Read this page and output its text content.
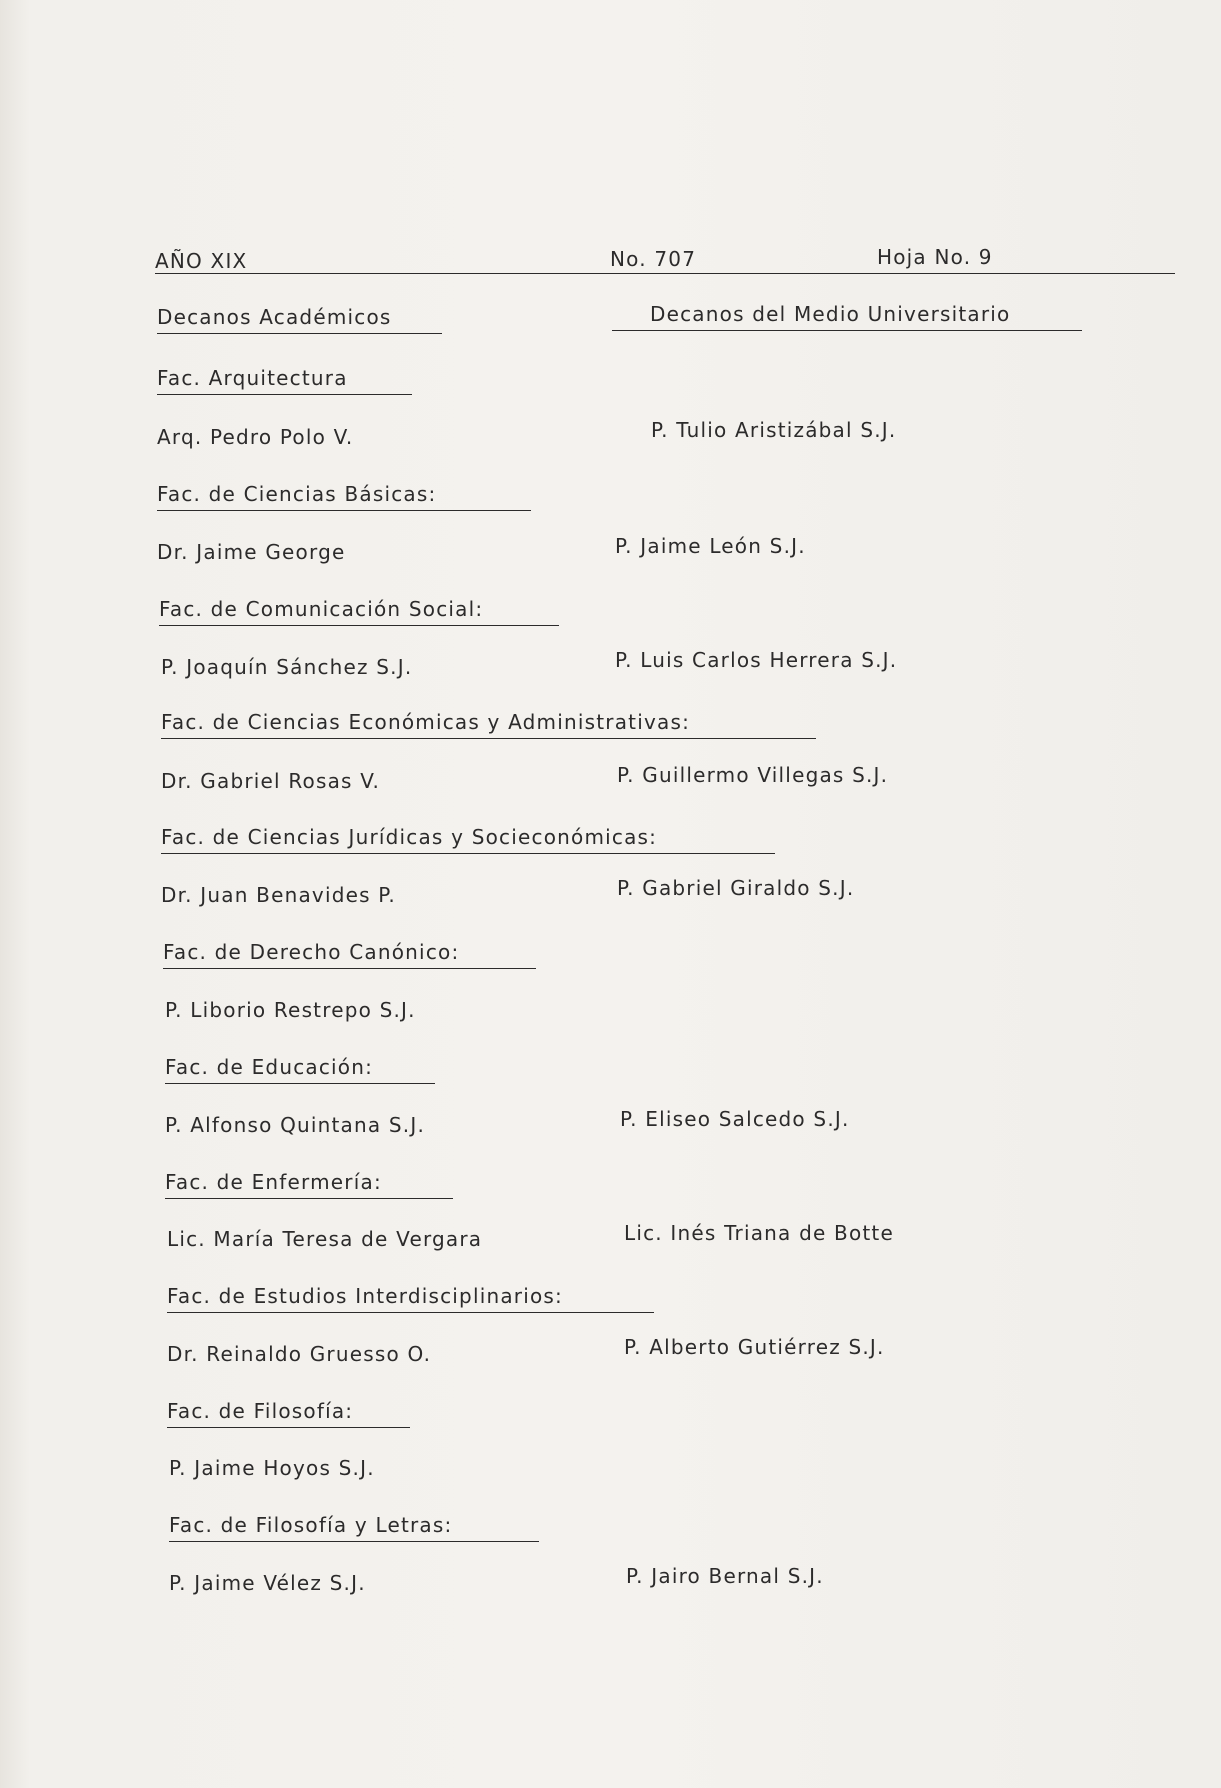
AÑO XIX	No. 707	Hoja No. 9
Decanos Académicos	Decanos del Medio Universitario
Fac. Arquitectura
Arq. Pedro Polo V.	P. Tulio Aristizábal S.J.
Fac. de Ciencias Básicas:
Dr. Jaime George	P. Jaime León S.J.
Fac. de Comunicación Social:
P. Joaquín Sánchez S.J.	P. Luis Carlos Herrera S.J.
Fac. de Ciencias Económicas y Administrativas:
Dr. Gabriel Rosas V.	P. Guillermo Villegas S.J.
Fac. de Ciencias Jurídicas y Socieconómicas:
Dr. Juan Benavides P.	P. Gabriel Giraldo S.J.
Fac. de Derecho Canónico:
P. Liborio Restrepo S.J.
Fac. de Educación:
P. Alfonso Quintana S.J.	P. Eliseo Salcedo S.J.
Fac. de Enfermería:
Lic. María Teresa de Vergara	Lic. Inés Triana de Botte
Fac. de Estudios Interdisciplinarios:
Dr. Reinaldo Gruesso O.	P. Alberto Gutiérrez S.J.
Fac. de Filosofía:
P. Jaime Hoyos S.J.
Fac. de Filosofía y Letras:
P. Jaime Vélez S.J.	P. Jairo Bernal S.J.
